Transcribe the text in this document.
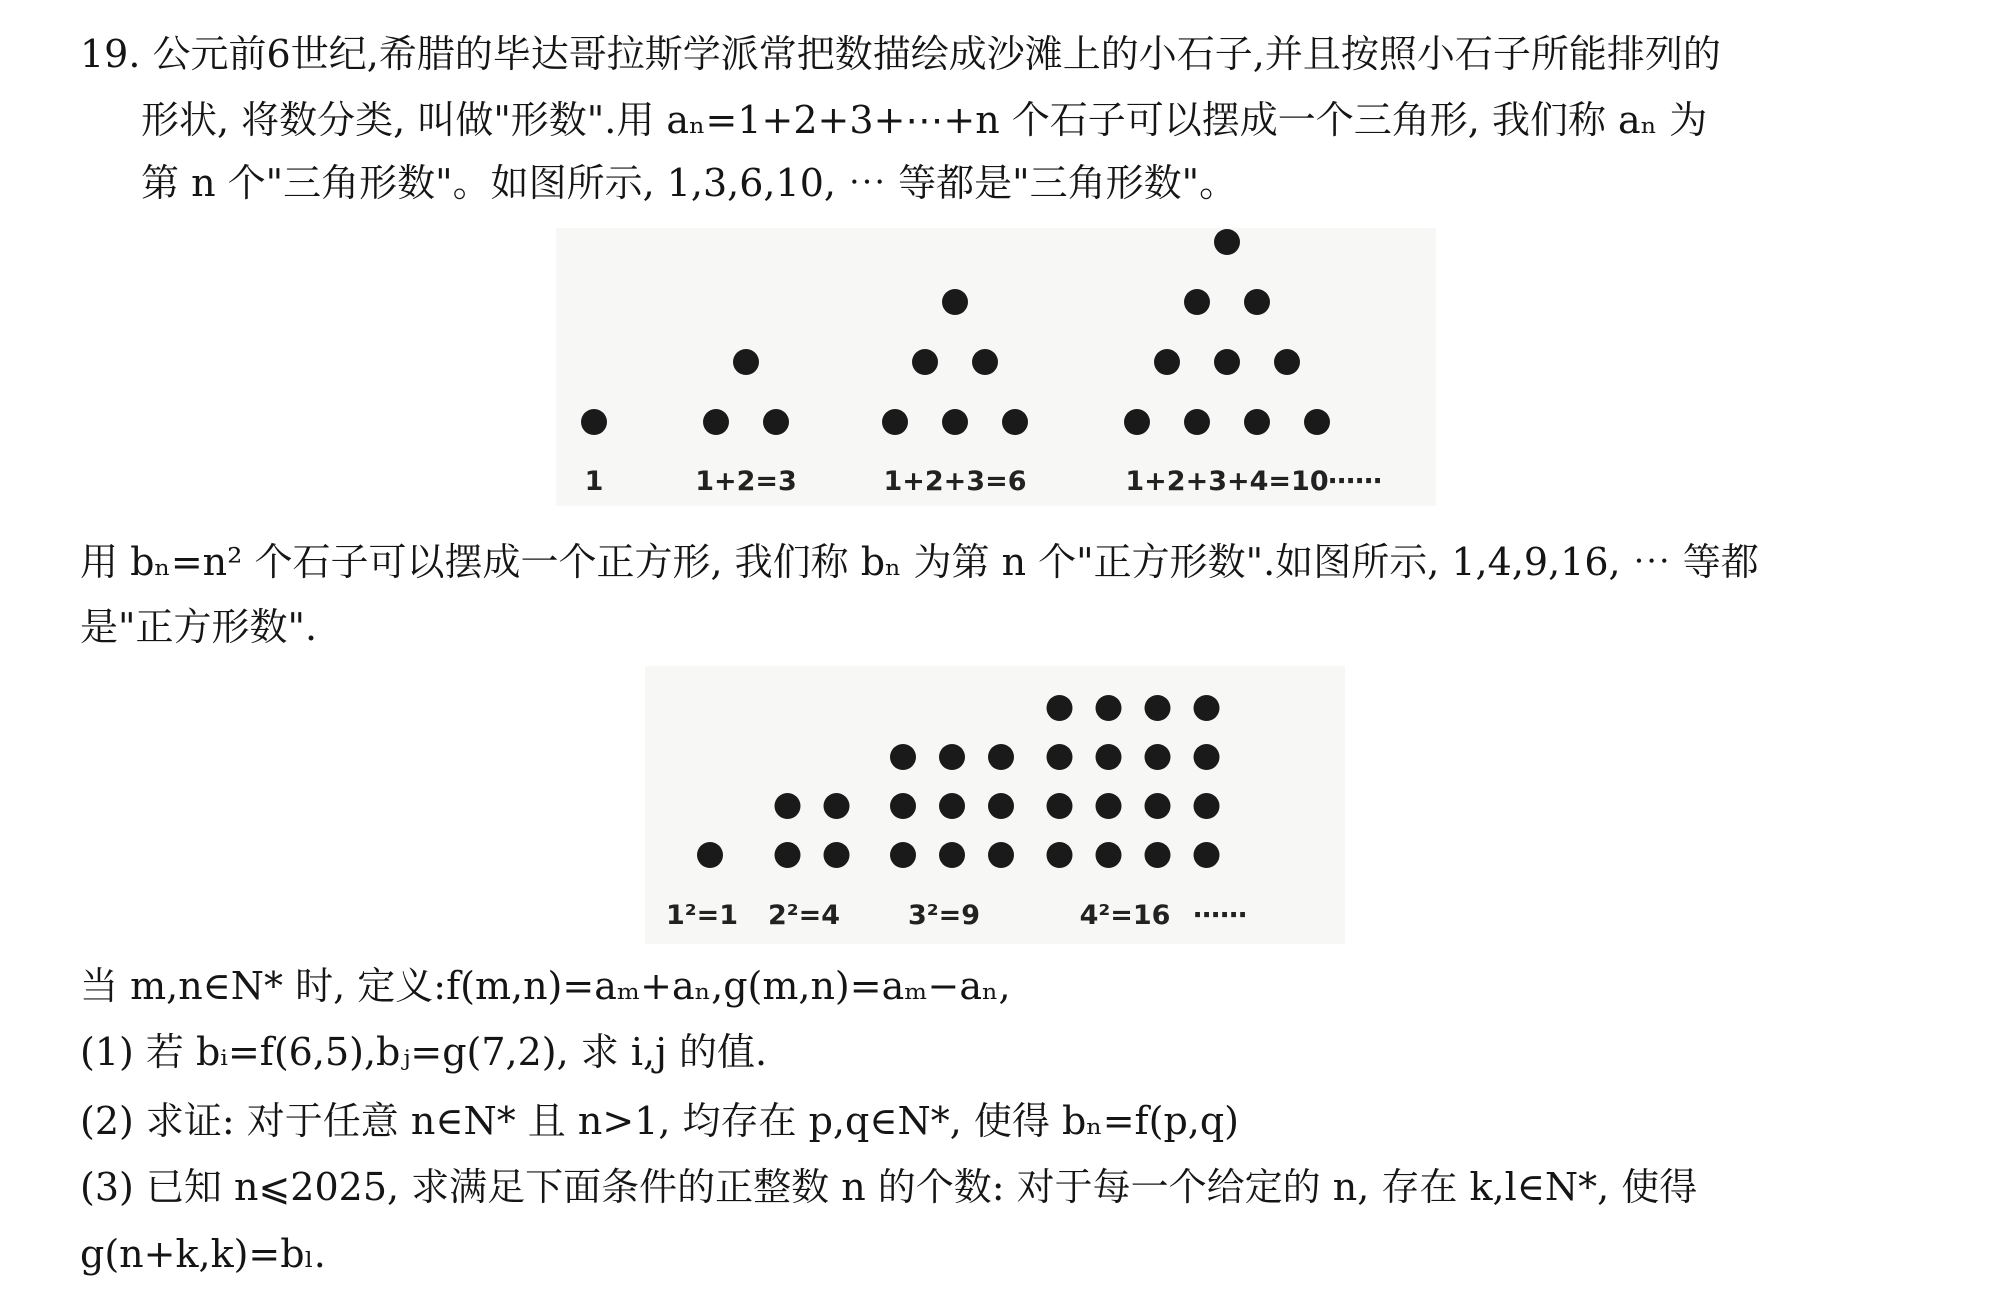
19. 公元前6世纪,希腊的毕达哥拉斯学派常把数描绘成沙滩上的小石子,并且按照小石子所能排列的
形状, 将数分类, 叫做"形数".用 aₙ=1+2+3+⋯+n 个石子可以摆成一个三角形, 我们称 aₙ 为
第 n 个"三角形数"。如图所示, 1,3,6,10, ⋯ 等都是"三角形数"。
1	1+2=3	1+2+3=6	1+2+3+4=10 ⋯⋯
用 bₙ=n² 个石子可以摆成一个正方形, 我们称 bₙ 为第 n 个"正方形数".如图所示, 1,4,9,16, ⋯ 等都
是"正方形数".
1²=1 2²=4	3²=9	4²=16 ⋯⋯
当 m,n∈N* 时, 定义:f(m,n)=aₘ+aₙ,g(m,n)=aₘ−aₙ,
(1) 若 bᵢ=f(6,5),bⱼ=g(7,2), 求 i,j 的值.
(2) 求证: 对于任意 n∈N* 且 n>1, 均存在 p,q∈N*, 使得 bₙ=f(p,q)
(3) 已知 n⩽2025, 求满足下面条件的正整数 n 的个数: 对于每一个给定的 n, 存在 k,l∈N*, 使得
g(n+k,k)=bₗ.
